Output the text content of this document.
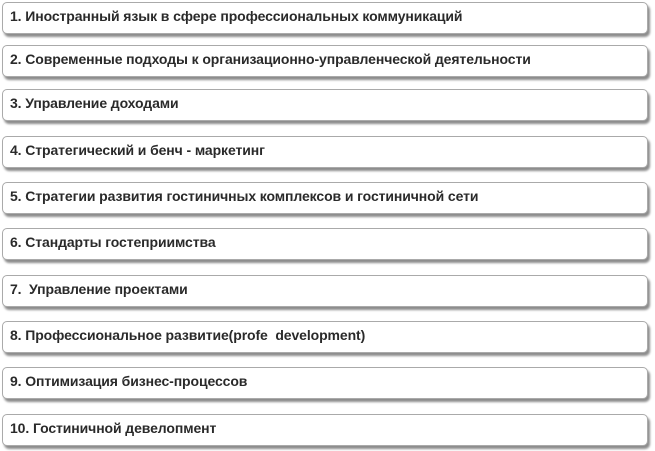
1. Иностранный язык в сфере профессиональных коммуникаций
2. Современные подходы к организационно-управленческой деятельности
3. Управление доходами
4. Стратегический и бенч - маркетинг
5. Стратегии развития гостиничных комплексов и гостиничной сети
6. Стандарты гостеприимства
7.  Управление проектами
8. Профессиональное развитие(profe  development)
9. Оптимизация бизнес-процессов
10. Гостиничной девелопмент
